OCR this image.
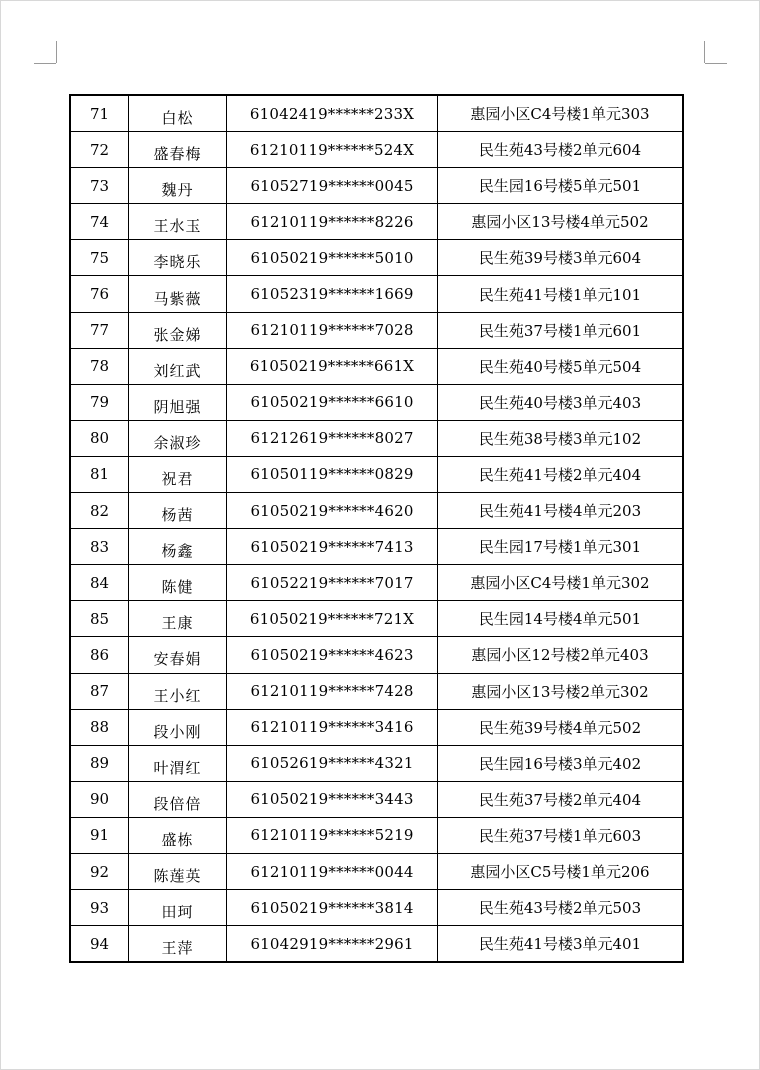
71	白松	61042419******233X	惠园小区C4号楼1单元303
72	盛春梅	61210119******524X	民生苑43号楼2单元604
73	魏丹	61052719******0045	民生园16号楼5单元501
74	王水玉	61210119******8226	惠园小区13号楼4单元502
75	李晓乐	61050219******5010	民生苑39号楼3单元604
76	马紫薇	61052319******1669	民生苑41号楼1单元101
77	张金娣	61210119******7028	民生苑37号楼1单元601
78	刘红武	61050219******661X	民生苑40号楼5单元504
79	阴旭强	61050219******6610	民生苑40号楼3单元403
80	余淑珍	61212619******8027	民生苑38号楼3单元102
81	祝君	61050119******0829	民生苑41号楼2单元404
82	杨茜	61050219******4620	民生苑41号楼4单元203
83	杨鑫	61050219******7413	民生园17号楼1单元301
84	陈健	61052219******7017	惠园小区C4号楼1单元302
85	王康	61050219******721X	民生园14号楼4单元501
86	安春娟	61050219******4623	惠园小区12号楼2单元403
87	王小红	61210119******7428	惠园小区13号楼2单元302
88	段小刚	61210119******3416	民生苑39号楼4单元502
89	叶渭红	61052619******4321	民生园16号楼3单元402
90	段倍倍	61050219******3443	民生苑37号楼2单元404
91	盛栋	61210119******5219	民生苑37号楼1单元603
92	陈莲英	61210119******0044	惠园小区C5号楼1单元206
93	田珂	61050219******3814	民生苑43号楼2单元503
94	王萍	61042919******2961	民生苑41号楼3单元401
